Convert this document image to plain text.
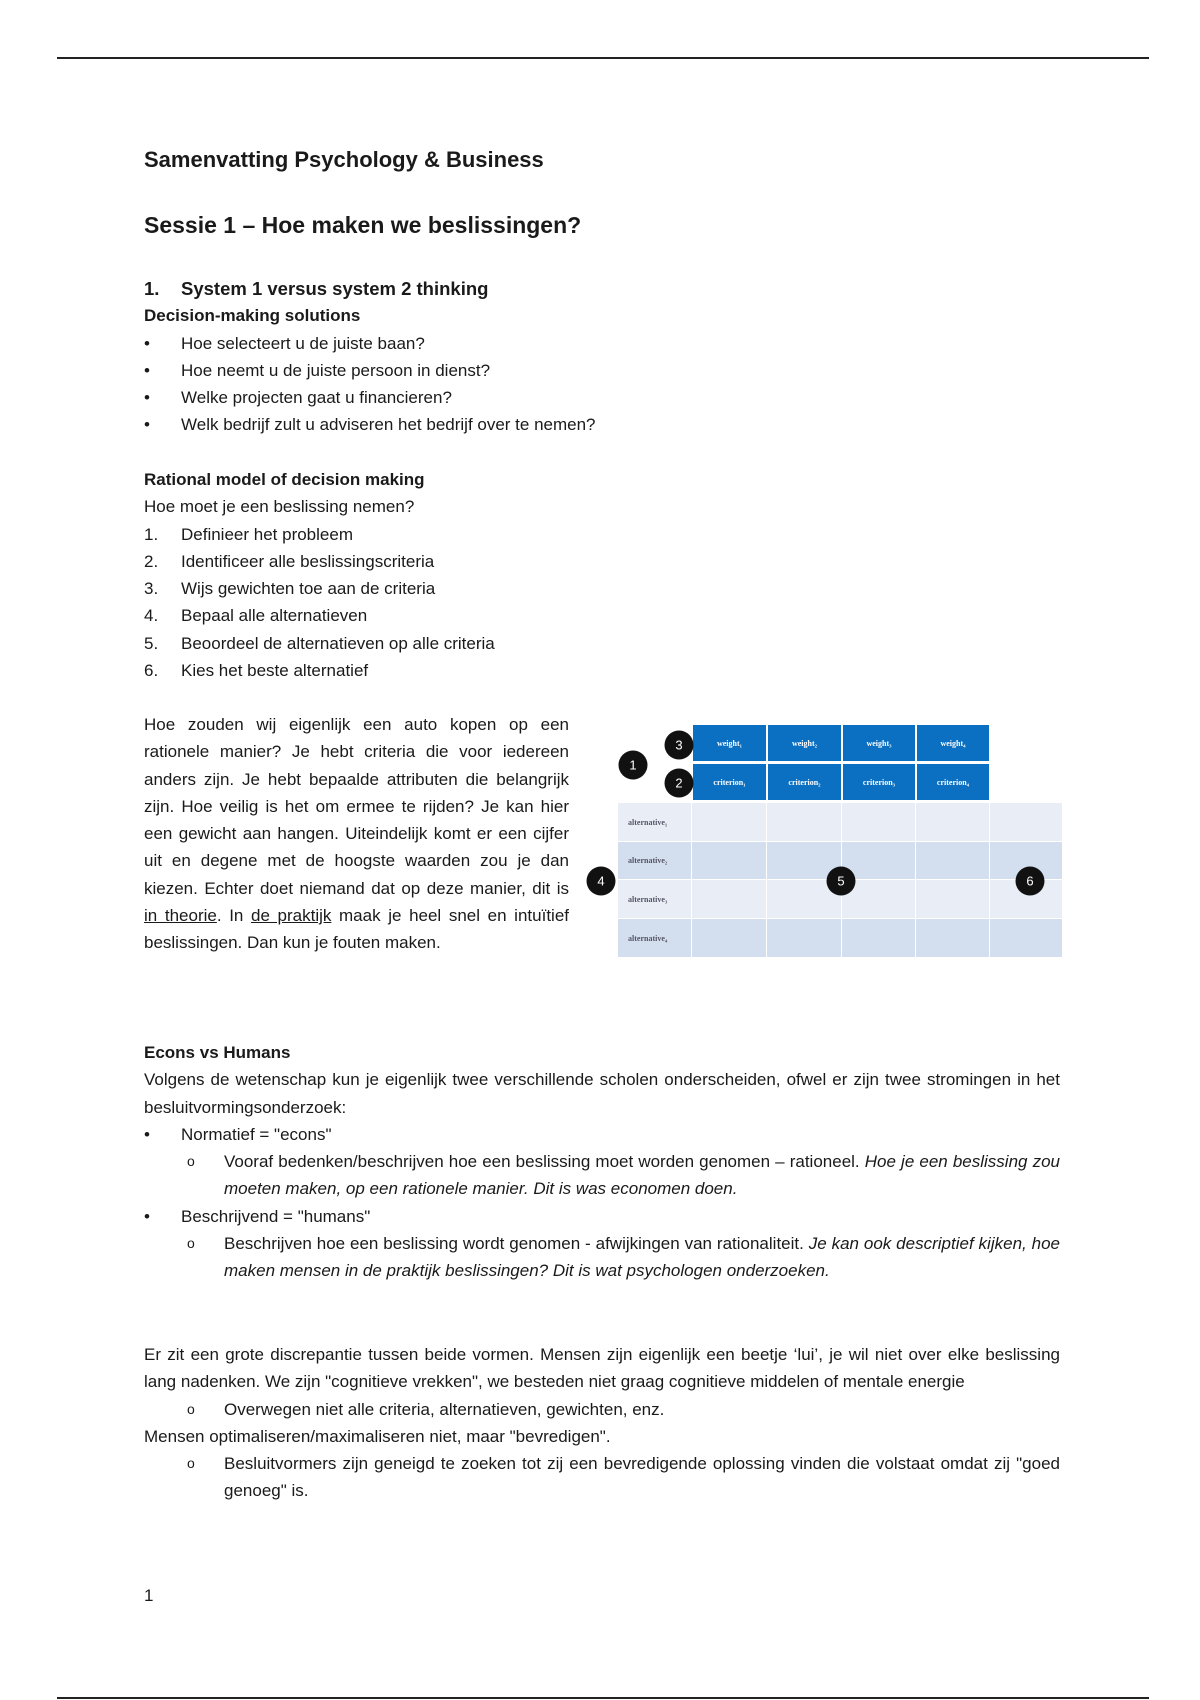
Samenvatting Psychology & Business
Sessie 1 – Hoe maken we beslissingen?
1. System 1 versus system 2 thinking
Decision-making solutions
• Hoe selecteert u de juiste baan?
• Hoe neemt u de juiste persoon in dienst?
• Welke projecten gaat u financieren?
• Welk bedrijf zult u adviseren het bedrijf over te nemen?
Rational model of decision making
Hoe moet je een beslissing nemen?
1. Definieer het probleem
2. Identificeer alle beslissingscriteria
3. Wijs gewichten toe aan de criteria
4. Bepaal alle alternatieven
5. Beoordeel de alternatieven op alle criteria
6. Kies het beste alternatief
Hoe zouden wij eigenlijk een auto kopen op een rationele manier? Je hebt criteria die voor iedereen anders zijn. Je hebt bepaalde attributen die belangrijk zijn. Hoe veilig is het om ermee te rijden? Je kan hier een gewicht aan hangen. Uiteindelijk komt er een cijfer uit en degene met de hoogste waarden zou je dan kiezen. Echter doet niemand dat op deze manier, dit is in theorie. In de praktijk maak je heel snel en intuïtief beslissingen. Dan kun je fouten maken.
alternative₁
alternative₂
alternative₃
alternative₄
weight₁
criterion₁
weight₂
criterion₂
weight₃
criterion₃
weight₄
criterion₄
1
2
3
4	5	6
Econs vs Humans
Volgens de wetenschap kun je eigenlijk twee verschillende scholen onderscheiden, ofwel er zijn twee stromingen in het besluitvormingsonderzoek:
• Normatief = "econs"
o Vooraf bedenken/beschrijven hoe een beslissing moet worden genomen – rationeel. Hoe je een beslissing zou moeten maken, op een rationele manier. Dit is was economen doen.
• Beschrijvend = "humans"
o Beschrijven hoe een beslissing wordt genomen - afwijkingen van rationaliteit. Je kan ook descriptief kijken, hoe maken mensen in de praktijk beslissingen? Dit is wat psychologen onderzoeken.
Er zit een grote discrepantie tussen beide vormen. Mensen zijn eigenlijk een beetje ‘lui’, je wil niet over elke beslissing lang nadenken. We zijn "cognitieve vrekken", we besteden niet graag cognitieve middelen of mentale energie
o Overwegen niet alle criteria, alternatieven, gewichten, enz.
Mensen optimaliseren/maximaliseren niet, maar "bevredigen".
o Besluitvormers zijn geneigd te zoeken tot zij een bevredigende oplossing vinden die volstaat omdat zij "goed genoeg" is.
1
